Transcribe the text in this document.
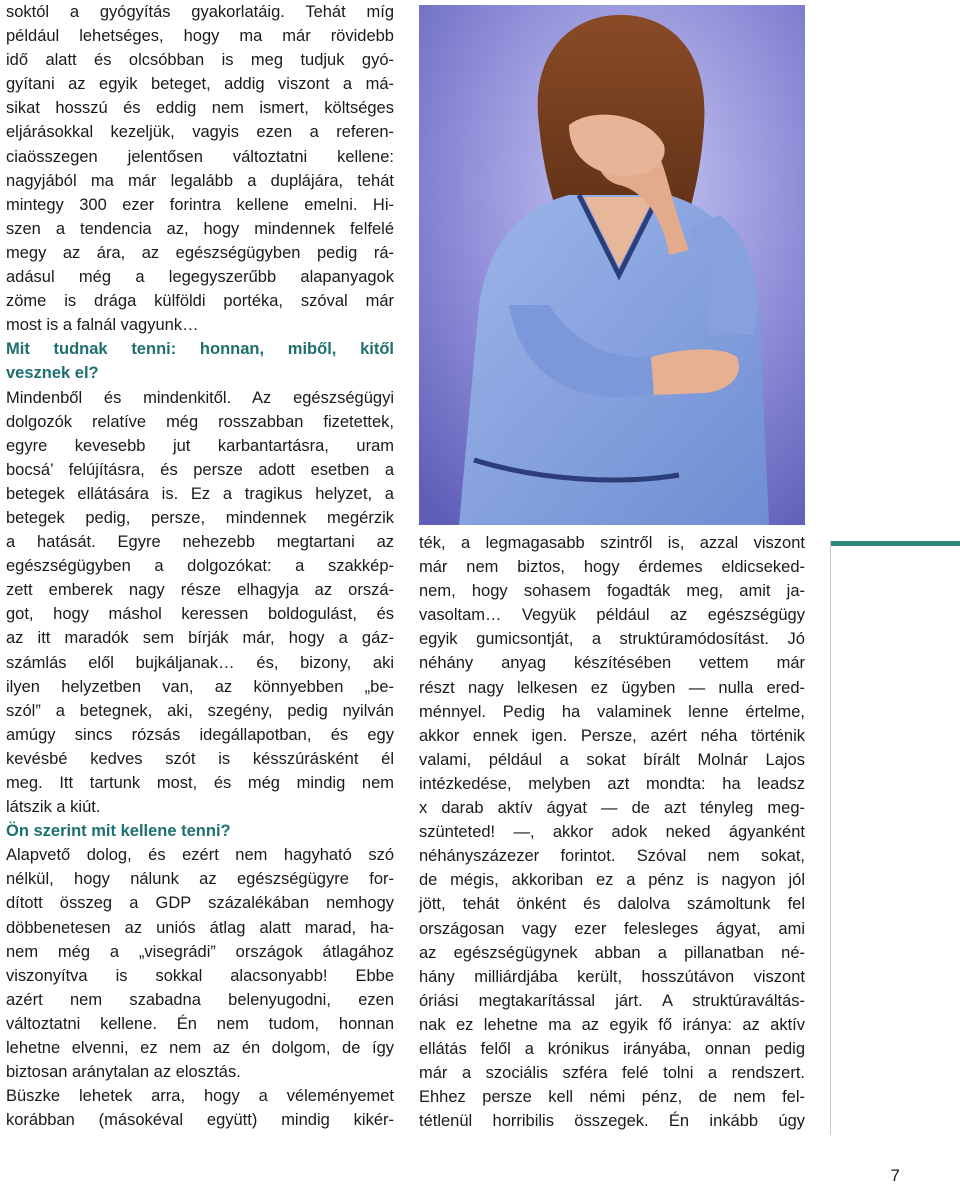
soktól a gyógyítás gyakorlatáig. Tehát míg
például lehetséges, hogy ma már rövidebb
idő alatt és olcsóbban is meg tudjuk gyó-
gyítani az egyik beteget, addig viszont a má-
sikat hosszú és eddig nem ismert, költséges
eljárásokkal kezeljük, vagyis ezen a referen-
ciaösszegen jelentősen változtatni kellene:
nagyjából ma már legalább a duplájára, tehát
mintegy 300 ezer forintra kellene emelni. Hi-
szen a tendencia az, hogy mindennek felfelé
megy az ára, az egészségügyben pedig rá-
adásul még a legegyszerűbb alapanyagok
zöme is drága külföldi portéka, szóval már
most is a falnál vagyunk…
Mit tudnak tenni: honnan, miből, kitől
vesznek el?
Mindenből és mindenkitől. Az egészségügyi
dolgozók relatíve még rosszabban fizetettek,
egyre kevesebb jut karbantartásra, uram
bocsá’ felújításra, és persze adott esetben a
betegek ellátására is. Ez a tragikus helyzet, a
betegek pedig, persze, mindennek megérzik
a hatását. Egyre nehezebb megtartani az
egészségügyben a dolgozókat: a szakkép-
zett emberek nagy része elhagyja az orszá-
got, hogy máshol keressen boldogulást, és
az itt maradók sem bírják már, hogy a gáz-
számlás elől bujkáljanak… és, bizony, aki
ilyen helyzetben van, az könnyebben „be-
szól” a betegnek, aki, szegény, pedig nyilván
amúgy sincs rózsás idegállapotban, és egy
kevésbé kedves szót is késszúrásként él
meg. Itt tartunk most, és még mindig nem
látszik a kiút.
Ön szerint mit kellene tenni?
Alapvető dolog, és ezért nem hagyható szó
nélkül, hogy nálunk az egészségügyre for-
dított összeg a GDP százalékában nemhogy
döbbenetesen az uniós átlag alatt marad, ha-
nem még a „visegrádi” országok átlagához
viszonyítva is sokkal alacsonyabb! Ebbe
azért nem szabadna belenyugodni, ezen
változtatni kellene. Én nem tudom, honnan
lehetne elvenni, ez nem az én dolgom, de így
biztosan aránytalan az elosztás.
Büszke lehetek arra, hogy a véleményemet
korábban (másokéval együtt) mindig kikér-
ték, a legmagasabb szintről is, azzal viszont
már nem biztos, hogy érdemes eldicseked-
nem, hogy sohasem fogadták meg, amit ja-
vasoltam… Vegyük például az egészségügy
egyik gumicsontját, a struktúramódosítást. Jó
néhány anyag készítésében vettem már
részt nagy lelkesen ez ügyben — nulla ered-
ménnyel. Pedig ha valaminek lenne értelme,
akkor ennek igen. Persze, azért néha történik
valami, például a sokat bírált Molnár Lajos
intézkedése, melyben azt mondta: ha leadsz
x darab aktív ágyat — de azt tényleg meg-
szünteted! —, akkor adok neked ágyanként
néhányszázezer forintot. Szóval nem sokat,
de mégis, akkoriban ez a pénz is nagyon jól
jött, tehát önként és dalolva számoltunk fel
országosan vagy ezer felesleges ágyat, ami
az egészségügynek abban a pillanatban né-
hány milliárdjába került, hosszútávon viszont
óriási megtakarítással járt. A struktúraváltás-
nak ez lehetne ma az egyik fő iránya: az aktív
ellátás felől a krónikus irányába, onnan pedig
már a szociális szféra felé tolni a rendszert.
Ehhez persze kell némi pénz, de nem fel-
tétlenül horribilis összegek. Én inkább úgy
7
